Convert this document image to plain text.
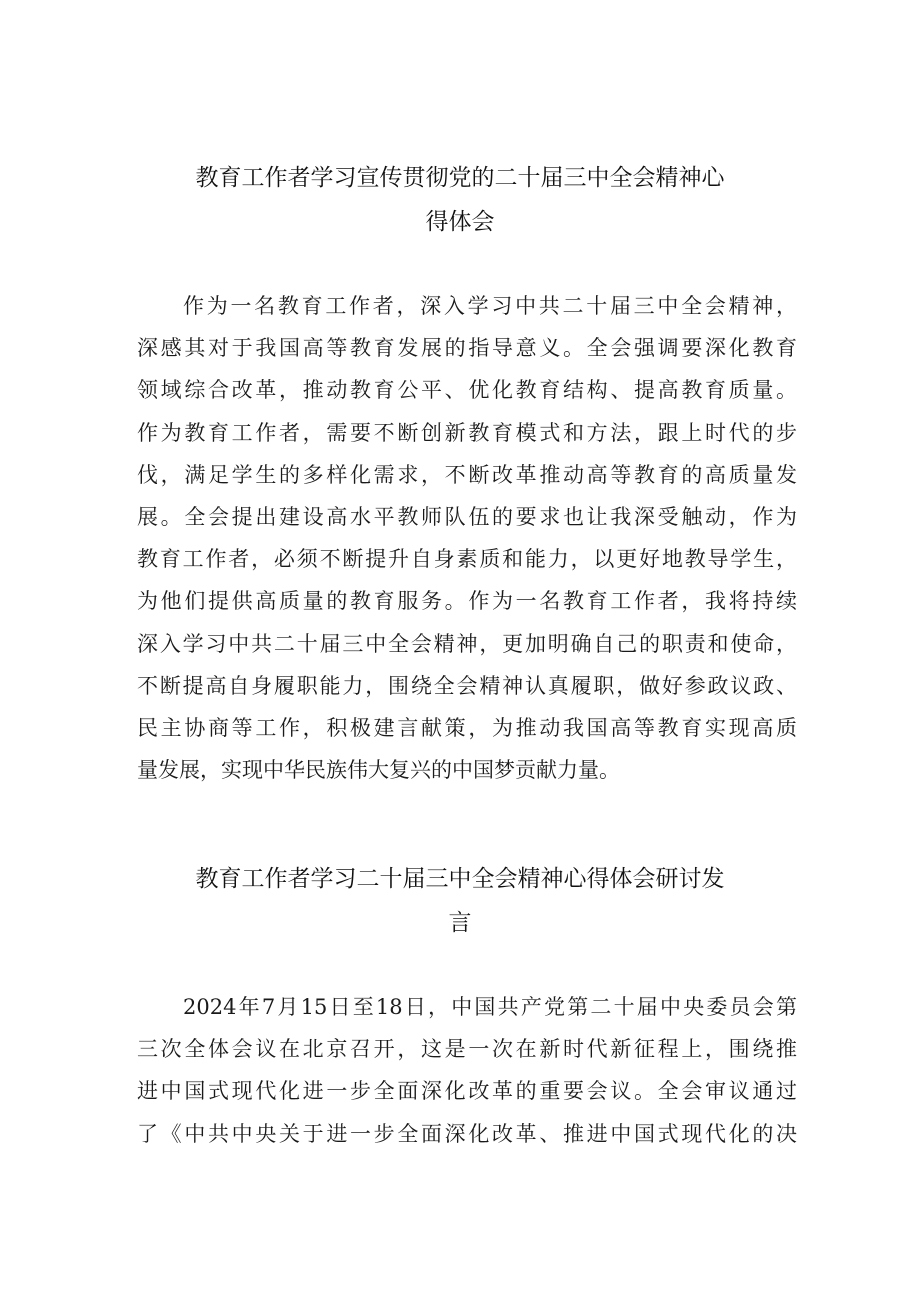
教育工作者学习宣传贯彻党的二十届三中全会精神心
得体会
作为一名教育工作者，深入学习中共二十届三中全会精神，
深感其对于我国高等教育发展的指导意义。全会强调要深化教育
领域综合改革，推动教育公平、优化教育结构、提高教育质量。
作为教育工作者，需要不断创新教育模式和方法，跟上时代的步
伐，满足学生的多样化需求，不断改革推动高等教育的高质量发
展。全会提出建设高水平教师队伍的要求也让我深受触动，作为
教育工作者，必须不断提升自身素质和能力，以更好地教导学生，
为他们提供高质量的教育服务。作为一名教育工作者，我将持续
深入学习中共二十届三中全会精神，更加明确自己的职责和使命，
不断提高自身履职能力，围绕全会精神认真履职，做好参政议政、
民主协商等工作，积极建言献策，为推动我国高等教育实现高质
量发展，实现中华民族伟大复兴的中国梦贡献力量。
教育工作者学习二十届三中全会精神心得体会研讨发
言
2024年7月15日至18日，中国共产党第二十届中央委员会第
三次全体会议在北京召开，这是一次在新时代新征程上，围绕推
进中国式现代化进一步全面深化改革的重要会议。全会审议通过
了《中共中央关于进一步全面深化改革、推进中国式现代化的决
